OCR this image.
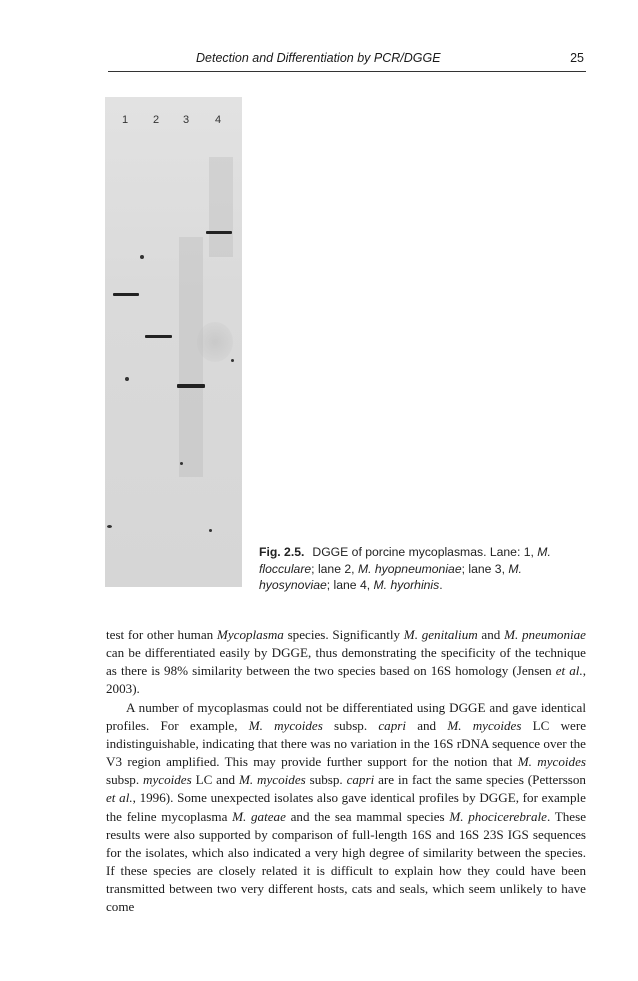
Detection and Differentiation by PCR/DGGE	25
1 2 3 4
Fig. 2.5. DGGE of porcine mycoplasmas. Lane: 1, M. flocculare; lane 2, M. hyopneumoniae; lane 3, M. hyosynoviae; lane 4, M. hyorhinis.

test for other human Mycoplasma species. Significantly M. genitalium and M. pneumoniae can be differentiated easily by DGGE, thus demonstrating the specificity of the technique as there is 98% similarity between the two species based on 16S homology (Jensen et al., 2003).

A number of mycoplasmas could not be differentiated using DGGE and gave identical profiles. For example, M. mycoides subsp. capri and M. mycoides LC were indistinguishable, indicating that there was no variation in the 16S rDNA sequence over the V3 region amplified. This may provide further support for the notion that M. mycoides subsp. mycoides LC and M. mycoides subsp. capri are in fact the same species (Pettersson et al., 1996). Some unexpected isolates also gave identical profiles by DGGE, for example the feline mycoplasma M. gateae and the sea mammal species M. phocicerebrale. These results were also supported by comparison of full-length 16S and 16S 23S IGS sequences for the isolates, which also indicated a very high degree of similarity between the species. If these species are closely related it is difficult to explain how they could have been transmitted between two very different hosts, cats and seals, which seem unlikely to have come
